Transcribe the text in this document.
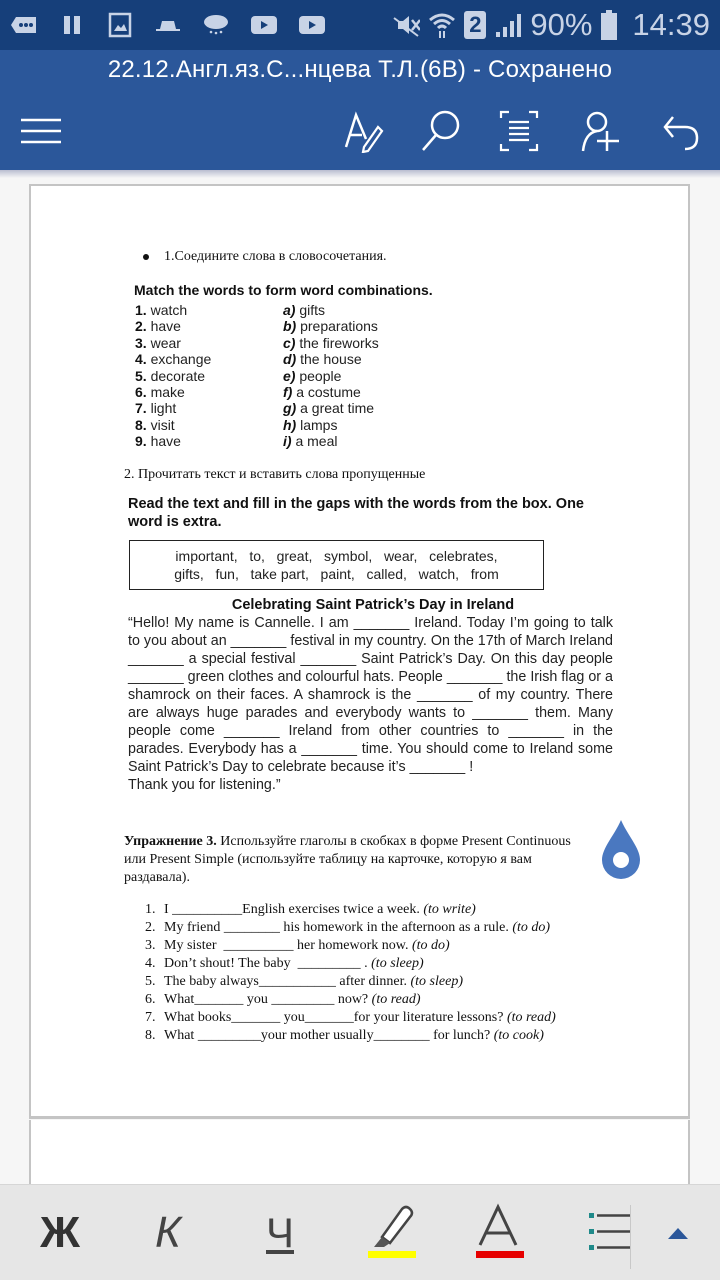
2 90% 14:39
22.12.Англ.яз.С...нцева Т.Л.(6В) - Сохранено
1.Соедините слова в словосочетания.
Match the words to form word combinations.
1. watch
2. have
3. wear
4. exchange
5. decorate
6. make
7. light
8. visit
9. have
a) gifts
b) preparations
c) the fireworks
d) the house
e) people
f) a costume
g) a great time
h) lamps
i) a meal
2. Прочитать текст и вставить слова пропущенные
Read the text and fill in the gaps with the words from the box. One word is extra.
important,   to,   great,   symbol,   wear,   celebrates,
gifts,   fun,   take part,   paint,   called,   watch,   from
Celebrating Saint Patrick’s Day in Ireland
“Hello! My name is Cannelle. I am _______ Ireland. Today I’m going to talk to you about an _______ festival in my country. On the 17th of March Ireland _______ a special festival _______ Saint Patrick’s Day. On this day people _______ green clothes and colourful hats. People _______ the Irish flag or a shamrock on their faces. A shamrock is the _______ of my country. There are always huge parades and everybody wants to _______ them. Many people come _______ Ireland from other countries to _______ in the parades. Everybody has a _______ time. You should come to Ireland some Saint Patrick’s Day to celebrate because it’s _______ !
Thank you for listening.”
Упражнение 3. Используйте глаголы в скобках в форме Present Continuous
или Present Simple (используйте таблицу на карточке, которую я вам
раздавала).
1. I __________English exercises twice a week. (to write)
2. My friend ________ his homework in the afternoon as a rule. (to do)
3. My sister  __________ her homework now. (to do)
4. Don’t shout! The baby  _________ . (to sleep)
5. The baby always___________ after dinner. (to sleep)
6. What_______ you _________ now? (to read)
7. What books_______ you_______for your literature lessons? (to read)
8. What _________your mother usually________ for lunch? (to cook)
Ж К Ч
